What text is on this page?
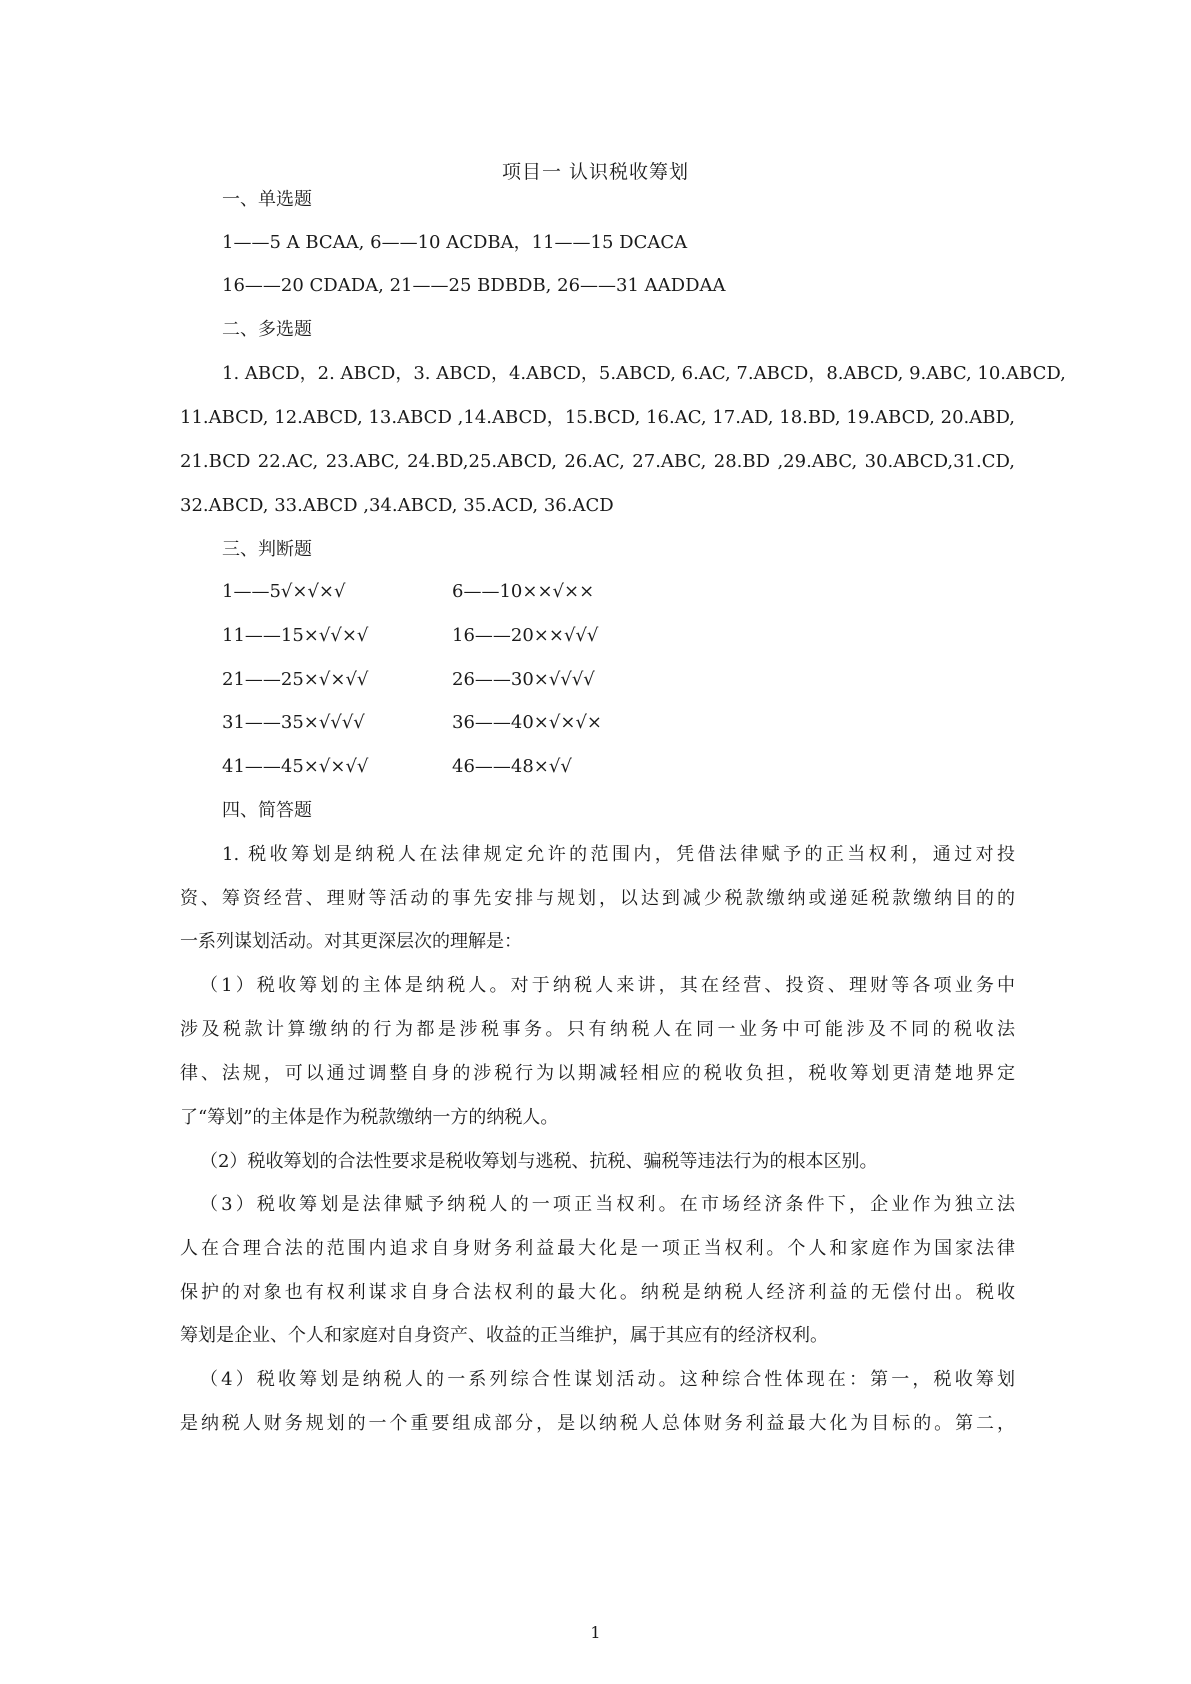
项目一 认识税收筹划
一、单选题
1——5 A BCAA, 6——10 ACDBA，11——15 DCACA
16——20 CDADA, 21——25 BDBDB, 26——31 AADDAA
二、多选题
1. ABCD，2. ABCD，3. ABCD，4.ABCD，5.ABCD, 6.AC, 7.ABCD，8.ABCD, 9.ABC, 10.ABCD,
11.ABCD, 12.ABCD, 13.ABCD ,14.ABCD，15.BCD, 16.AC, 17.AD, 18.BD, 19.ABCD, 20.ABD,
21.BCD 22.AC, 23.ABC, 24.BD,25.ABCD, 26.AC, 27.ABC, 28.BD ,29.ABC, 30.ABCD,31.CD,
32.ABCD, 33.ABCD ,34.ABCD, 35.ACD, 36.ACD
三、判断题
1——5√×√×√	6——10××√××
11——15×√√×√	16——20××√√√
21——25×√×√√	26——30×√√√√
31——35×√√√√	36——40×√×√×
41——45×√×√√	46——48×√√
四、简答题
1. 税收筹划是纳税人在法律规定允许的范围内，凭借法律赋予的正当权利，通过对投
资、筹资经营、理财等活动的事先安排与规划，以达到减少税款缴纳或递延税款缴纳目的的
一系列谋划活动。对其更深层次的理解是：
（1）税收筹划的主体是纳税人。对于纳税人来讲，其在经营、投资、理财等各项业务中
涉及税款计算缴纳的行为都是涉税事务。只有纳税人在同一业务中可能涉及不同的税收法
律、法规，可以通过调整自身的涉税行为以期减轻相应的税收负担，税收筹划更清楚地界定
了“筹划”的主体是作为税款缴纳一方的纳税人。
（2）税收筹划的合法性要求是税收筹划与逃税、抗税、骗税等违法行为的根本区别。
（3）税收筹划是法律赋予纳税人的一项正当权利。在市场经济条件下，企业作为独立法
人在合理合法的范围内追求自身财务利益最大化是一项正当权利。个人和家庭作为国家法律
保护的对象也有权利谋求自身合法权利的最大化。纳税是纳税人经济利益的无偿付出。税收
筹划是企业、个人和家庭对自身资产、收益的正当维护，属于其应有的经济权利。
（4）税收筹划是纳税人的一系列综合性谋划活动。这种综合性体现在：第一，税收筹划
是纳税人财务规划的一个重要组成部分，是以纳税人总体财务利益最大化为目标的。第二，
1
